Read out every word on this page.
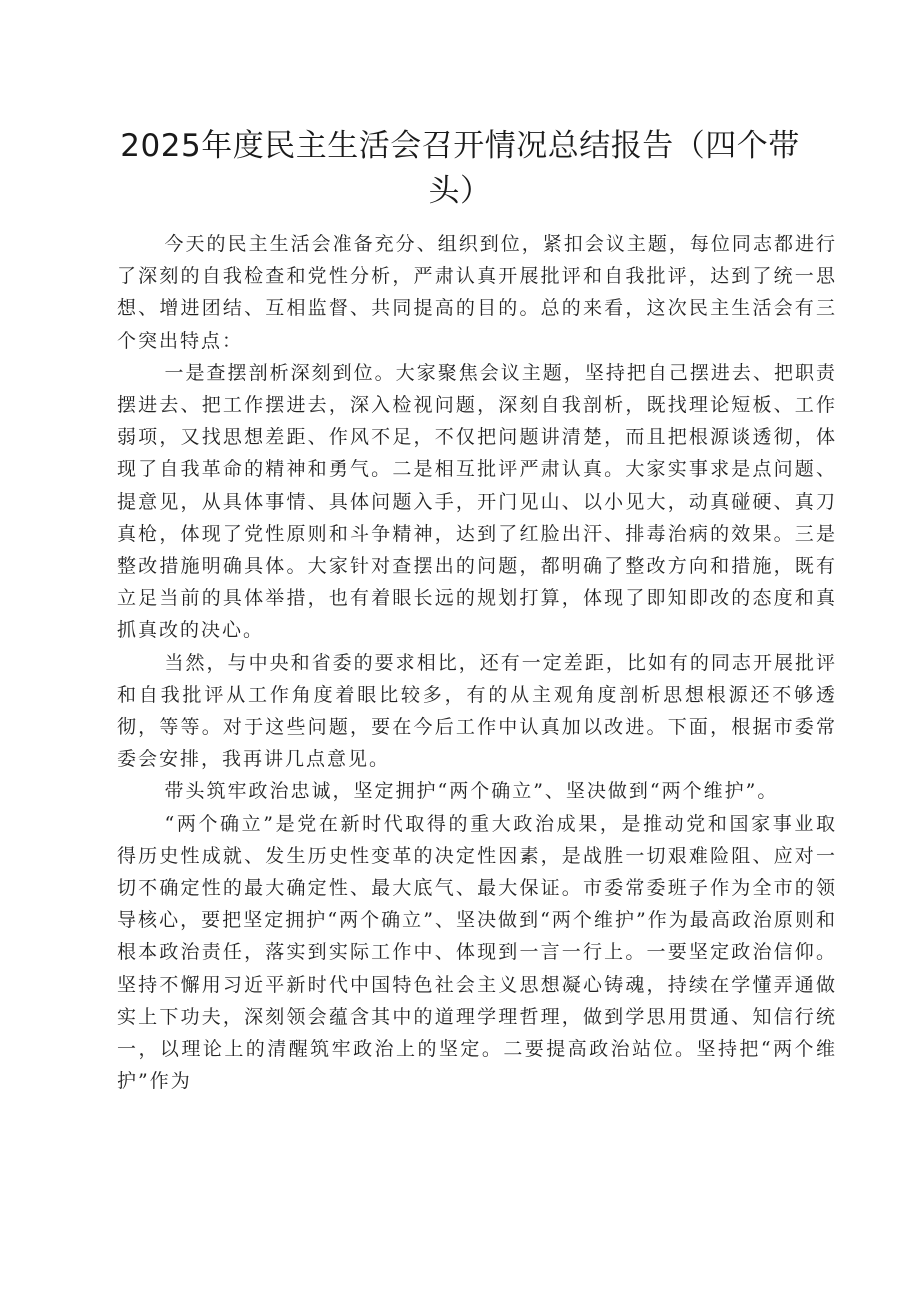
2025年度民主生活会召开情况总结报告（四个带头）

今天的民主生活会准备充分、组织到位，紧扣会议主题，每位同志都进行了深刻的自我检查和党性分析，严肃认真开展批评和自我批评，达到了统一思想、增进团结、互相监督、共同提高的目的。总的来看，这次民主生活会有三个突出特点：

一是查摆剖析深刻到位。大家聚焦会议主题，坚持把自己摆进去、把职责摆进去、把工作摆进去，深入检视问题，深刻自我剖析，既找理论短板、工作弱项，又找思想差距、作风不足，不仅把问题讲清楚，而且把根源谈透彻，体现了自我革命的精神和勇气。二是相互批评严肃认真。大家实事求是点问题、提意见，从具体事情、具体问题入手，开门见山、以小见大，动真碰硬、真刀真枪，体现了党性原则和斗争精神，达到了红脸出汗、排毒治病的效果。三是整改措施明确具体。大家针对查摆出的问题，都明确了整改方向和措施，既有立足当前的具体举措，也有着眼长远的规划打算，体现了即知即改的态度和真抓真改的决心。

当然，与中央和省委的要求相比，还有一定差距，比如有的同志开展批评和自我批评从工作角度着眼比较多，有的从主观角度剖析思想根源还不够透彻，等等。对于这些问题，要在今后工作中认真加以改进。下面，根据市委常委会安排，我再讲几点意见。

带头筑牢政治忠诚，坚定拥护“两个确立”、坚决做到“两个维护”。

“两个确立”是党在新时代取得的重大政治成果，是推动党和国家事业取得历史性成就、发生历史性变革的决定性因素，是战胜一切艰难险阻、应对一切不确定性的最大确定性、最大底气、最大保证。市委常委班子作为全市的领导核心，要把坚定拥护“两个确立”、坚决做到“两个维护”作为最高政治原则和根本政治责任，落实到实际工作中、体现到一言一行上。一要坚定政治信仰。坚持不懈用习近平新时代中国特色社会主义思想凝心铸魂，持续在学懂弄通做实上下功夫，深刻领会蕴含其中的道理学理哲理，做到学思用贯通、知信行统一，以理论上的清醒筑牢政治上的坚定。二要提高政治站位。坚持把“两个维护”作为
